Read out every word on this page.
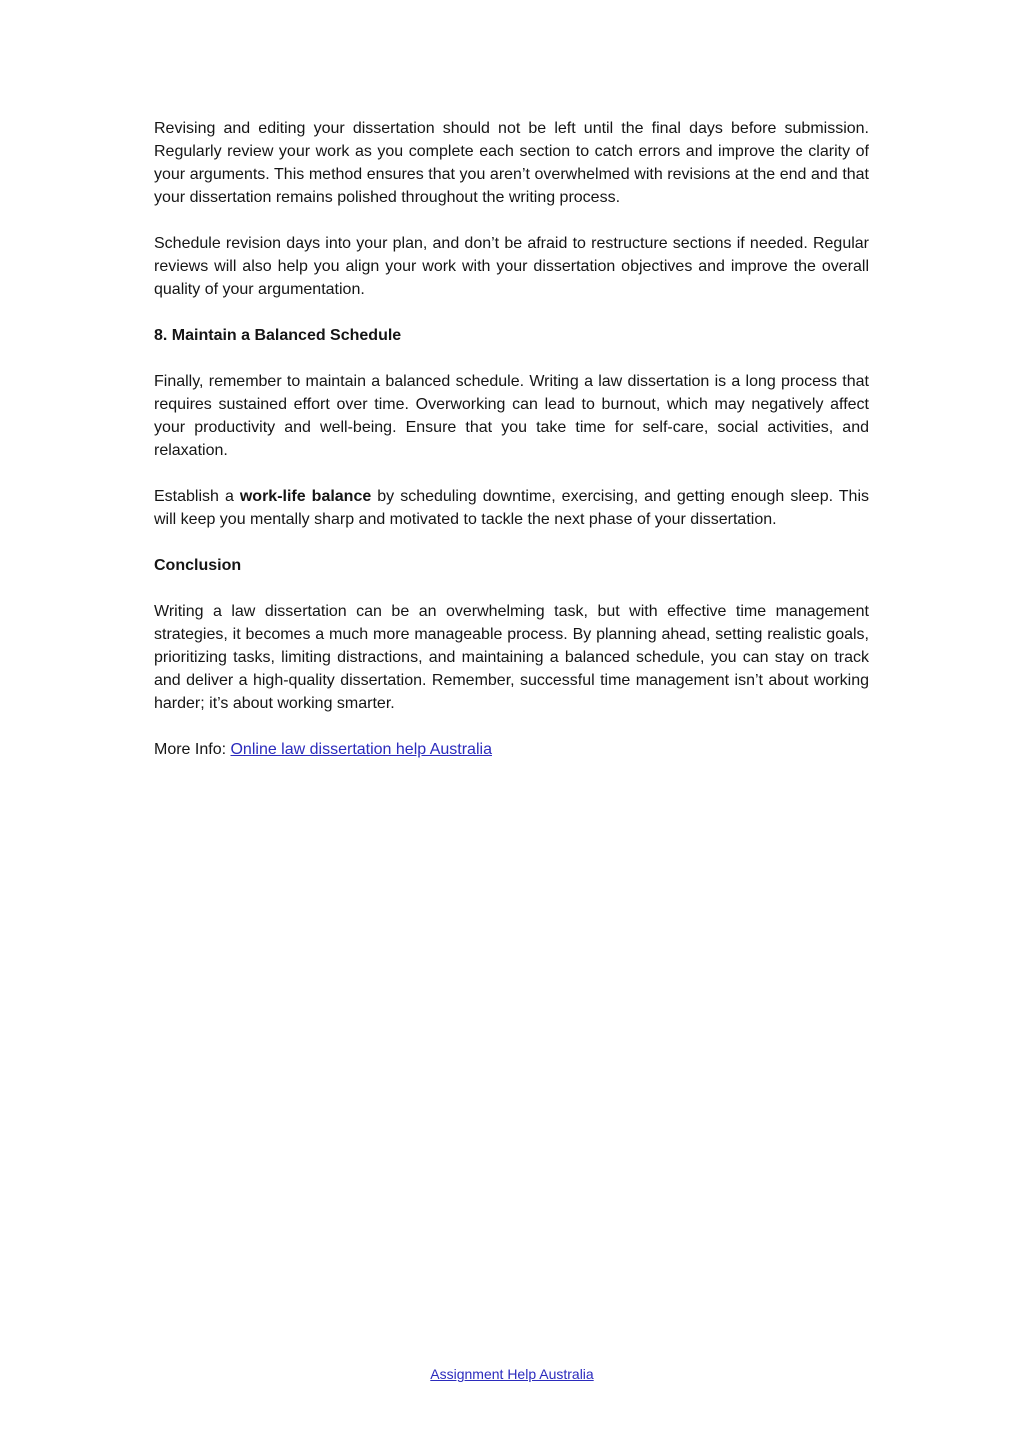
Revising and editing your dissertation should not be left until the final days before submission. Regularly review your work as you complete each section to catch errors and improve the clarity of your arguments. This method ensures that you aren’t overwhelmed with revisions at the end and that your dissertation remains polished throughout the writing process.

Schedule revision days into your plan, and don’t be afraid to restructure sections if needed. Regular reviews will also help you align your work with your dissertation objectives and improve the overall quality of your argumentation.

8. Maintain a Balanced Schedule

Finally, remember to maintain a balanced schedule. Writing a law dissertation is a long process that requires sustained effort over time. Overworking can lead to burnout, which may negatively affect your productivity and well-being. Ensure that you take time for self-care, social activities, and relaxation.

Establish a work-life balance by scheduling downtime, exercising, and getting enough sleep. This will keep you mentally sharp and motivated to tackle the next phase of your dissertation.

Conclusion

Writing a law dissertation can be an overwhelming task, but with effective time management strategies, it becomes a much more manageable process. By planning ahead, setting realistic goals, prioritizing tasks, limiting distractions, and maintaining a balanced schedule, you can stay on track and deliver a high-quality dissertation. Remember, successful time management isn’t about working harder; it’s about working smarter.

More Info: Online law dissertation help Australia

Assignment Help Australia
